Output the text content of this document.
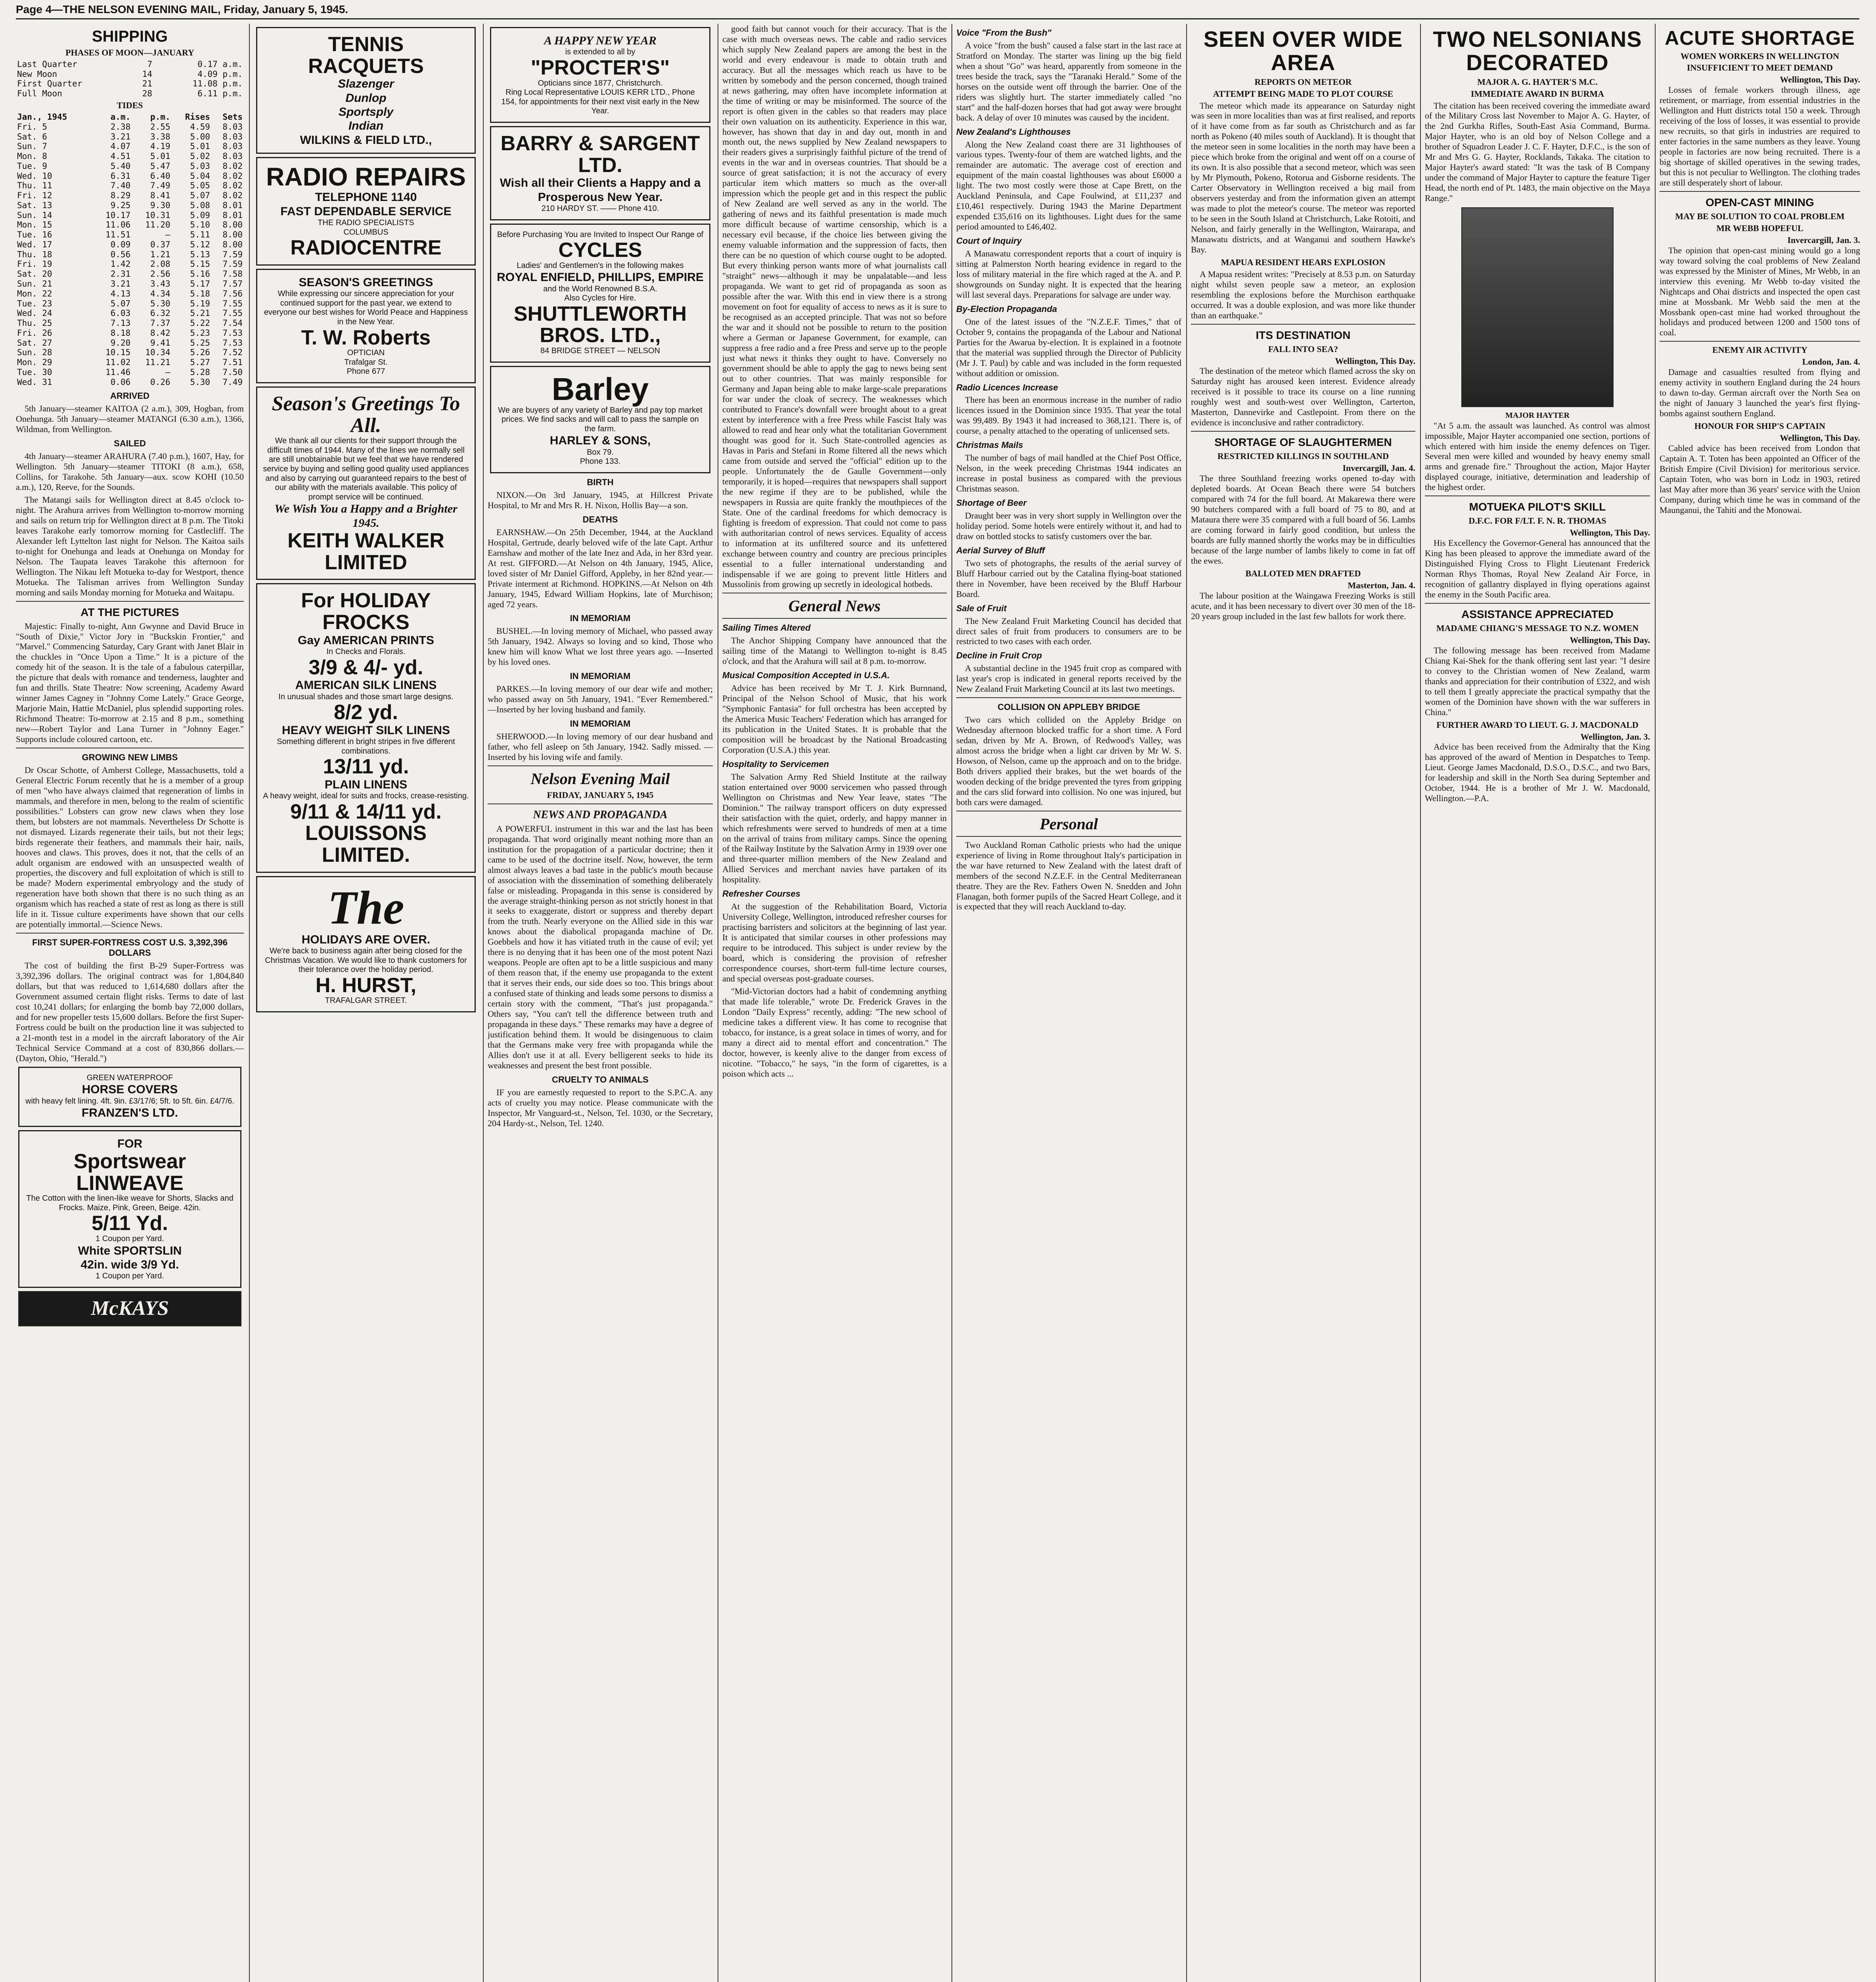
Page 4—THE NELSON EVENING MAIL, Friday, January 5, 1945.
SHIPPING
PHASES OF MOON—JANUARY
Last Quarter	7	0.17 a.m.
New Moon	14	4.09 p.m.
First Quarter	21	11.08 p.m.
Full Moon	28	6.11 p.m.
TIDES
Jan., 1945	a.m.	p.m.	Rises	Sets
Fri. 5	2.38	2.55	4.59	8.03
Sat. 6	3.21	3.38	5.00	8.03
Sun. 7	4.07	4.19	5.01	8.03
Mon. 8	4.51	5.01	5.02	8.03
Tue. 9	5.40	5.47	5.03	8.02
Wed. 10	6.31	6.40	5.04	8.02
Thu. 11	7.40	7.49	5.05	8.02
Fri. 12	8.29	8.41	5.07	8.02
Sat. 13	9.25	9.30	5.08	8.01
Sun. 14	10.17	10.31	5.09	8.01
Mon. 15	11.06	11.20	5.10	8.00
Tue. 16	11.51	—	5.11	8.00
Wed. 17	0.09	0.37	5.12	8.00
Thu. 18	0.56	1.21	5.13	7.59
Fri. 19	1.42	2.08	5.15	7.59
Sat. 20	2.31	2.56	5.16	7.58
Sun. 21	3.21	3.43	5.17	7.57
Mon. 22	4.13	4.34	5.18	7.56
Tue. 23	5.07	5.30	5.19	7.55
Wed. 24	6.03	6.32	5.21	7.55
Thu. 25	7.13	7.37	5.22	7.54
Fri. 26	8.18	8.42	5.23	7.53
Sat. 27	9.20	9.41	5.25	7.53
Sun. 28	10.15	10.34	5.26	7.52
Mon. 29	11.02	11.21	5.27	7.51
Tue. 30	11.46	—	5.28	7.50
Wed. 31	0.06	0.26	5.30	7.49
ARRIVED

5th January—steamer KAITOA (2 a.m.), 309, Hogban, from Onehunga. 5th January—steamer MATANGI (6.30 a.m.), 1366, Wildman, from Wellington.

SAILED

4th January—steamer ARAHURA (7.40 p.m.), 1607, Hay, for Wellington. 5th January—steamer TITOKI (8 a.m.), 658, Collins, for Tarakohe. 5th January—aux. scow KOHI (10.50 a.m.), 120, Reeve, for the Sounds.

The Matangi sails for Wellington direct at 8.45 o'clock to-night. The Arahura arrives from Wellington to-morrow morning and sails on return trip for Wellington direct at 8 p.m. The Titoki leaves Tarakohe early tomorrow morning for Castlecliff. The Alexander left Lyttelton last night for Nelson. The Kaitoa sails to-night for Onehunga and leads at Onehunga on Monday for Nelson. The Taupata leaves Tarakohe this afternoon for Wellington. The Nikau left Motueka to-day for Westport, thence Motueka. The Talisman arrives from Wellington Sunday morning and sails Monday morning for Motueka and Waitapu.

AT THE PICTURES

Majestic: Finally to-night, Ann Gwynne and David Bruce in "South of Dixie," Victor Jory in "Buckskin Frontier," and "Marvel." Commencing Saturday, Cary Grant with Janet Blair in the chuckles in "Once Upon a Time." It is a picture of the comedy hit of the season. It is the tale of a fabulous caterpillar, the picture that deals with romance and tenderness, laughter and fun and thrills. State Theatre: Now screening, Academy Award winner James Cagney in "Johnny Come Lately." Grace George, Marjorie Main, Hattie McDaniel, plus splendid supporting roles. Richmond Theatre: To-morrow at 2.15 and 8 p.m., something new—Robert Taylor and Lana Turner in "Johnny Eager." Supports include coloured cartoon, etc.

GROWING NEW LIMBS

Dr Oscar Schotte, of Amherst College, Massachusetts, told a General Electric Forum recently that he is a member of a group of men "who have always claimed that regeneration of limbs in mammals, and therefore in men, belong to the realm of scientific possibilities." Lobsters can grow new claws when they lose them, but lobsters are not mammals. Nevertheless Dr Schotte is not dismayed. Lizards regenerate their tails, but not their legs; birds regenerate their feathers, and mammals their hair, nails, hooves and claws. This proves, does it not, that the cells of an adult organism are endowed with an unsuspected wealth of properties, the discovery and full exploitation of which is still to be made? Modern experimental embryology and the study of regeneration have both shown that there is no such thing as an organism which has reached a state of rest as long as there is still life in it. Tissue culture experiments have shown that our cells are potentially immortal.—Science News.

FIRST SUPER-FORTRESS COST U.S. 3,392,396 DOLLARS

The cost of building the first B-29 Super-Fortress was 3,392,396 dollars. The original contract was for 1,804,840 dollars, but that was reduced to 1,614,680 dollars after the Government assumed certain flight risks. Terms to date of last cost 10,241 dollars; for enlarging the bomb bay 72,000 dollars, and for new propeller tests 15,600 dollars. Before the first Super-Fortress could be built on the production line it was subjected to a 21-month test in a model in the aircraft laboratory of the Air Technical Service Command at a cost of 830,866 dollars.—(Dayton, Ohio, "Herald.")

GREEN WATERPROOF
HORSE COVERS
with heavy felt lining. 4ft. 9in. £3/17/6; 5ft. to 5ft. 6in. £4/7/6.
FRANZEN'S LTD.
FOR
Sportswear LINWEAVE
The Cotton with the linen-like weave for Shorts, Slacks and Frocks. Maize, Pink, Green, Beige. 42in.
5/11 Yd.
1 Coupon per Yard.
White SPORTSLIN
42in. wide 3/9 Yd.
1 Coupon per Yard.
McKAYS
TENNIS
RACQUETS
Slazenger
Dunlop
Sportsply
Indian
WILKINS & FIELD LTD.,
RADIO REPAIRS
TELEPHONE 1140
FAST DEPENDABLE SERVICE
THE RADIO SPECIALISTS
COLUMBUS
RADIOCENTRE
SEASON'S GREETINGS
While expressing our sincere appreciation for your continued support for the past year, we extend to everyone our best wishes for World Peace and Happiness in the New Year.
T. W. Roberts
OPTICIAN
Trafalgar St.
Phone 677
Season's Greetings To All.
We thank all our clients for their support through the difficult times of 1944. Many of the lines we normally sell are still unobtainable but we feel that we have rendered service by buying and selling good quality used appliances and also by carrying out guaranteed repairs to the best of our ability with the materials available. This policy of prompt service will be continued.
We Wish You a Happy and a Brighter 1945.
KEITH WALKER LIMITED
For HOLIDAY FROCKS
Gay AMERICAN PRINTS
In Checks and Florals.
3/9 & 4/- yd.
AMERICAN SILK LINENS
In unusual shades and those smart large designs.
8/2 yd.
HEAVY WEIGHT SILK LINENS
Something different in bright stripes in five different combinations.
13/11 yd.
PLAIN LINENS
A heavy weight, ideal for suits and frocks, crease-resisting.
9/11 & 14/11 yd.
LOUISSONS LIMITED.
The
HOLIDAYS ARE OVER.
We're back to business again after being closed for the Christmas Vacation. We would like to thank customers for their tolerance over the holiday period.
H. HURST,
TRAFALGAR STREET.
A HAPPY NEW YEAR
is extended to all by
"PROCTER'S"
Opticians since 1877, Christchurch.
Ring Local Representative LOUIS KERR LTD., Phone 154, for appointments for their next visit early in the New Year.
BARRY & SARGENT LTD.
Wish all their Clients a Happy and a Prosperous New Year.
210 HARDY ST. —— Phone 410.
Before Purchasing You are Invited to Inspect Our Range of
CYCLES
Ladies' and Gentlemen's in the following makes
ROYAL ENFIELD, PHILLIPS, EMPIRE
and the World Renowned B.S.A.
Also Cycles for Hire.
SHUTTLEWORTH BROS. LTD.,
84 BRIDGE STREET — NELSON
Barley
We are buyers of any variety of Barley and pay top market prices. We find sacks and will call to pass the sample on the farm.
HARLEY & SONS,
Box 79.
Phone 133.
BIRTH

NIXON.—On 3rd January, 1945, at Hillcrest Private Hospital, to Mr and Mrs R. H. Nixon, Hollis Bay—a son.

DEATHS

EARNSHAW.—On 25th December, 1944, at the Auckland Hospital, Gertrude, dearly beloved wife of the late Capt. Arthur Earnshaw and mother of the late Inez and Ada, in her 83rd year. At rest. GIFFORD.—At Nelson on 4th January, 1945, Alice, loved sister of Mr Daniel Gifford, Appleby, in her 82nd year.—Private interment at Richmond. HOPKINS.—At Nelson on 4th January, 1945, Edward William Hopkins, late of Murchison; aged 72 years.

IN MEMORIAM

BUSHEL.—In loving memory of Michael, who passed away 5th January, 1942. Always so loving and so kind, Those who knew him will know What we lost three years ago. —Inserted by his loved ones.

IN MEMORIAM

PARKES.—In loving memory of our dear wife and mother; who passed away on 5th January, 1941. "Ever Remembered." —Inserted by her loving husband and family.

IN MEMORIAM

SHERWOOD.—In loving memory of our dear husband and father, who fell asleep on 5th January, 1942. Sadly missed. —Inserted by his loving wife and family.

Nelson Evening Mail
FRIDAY, JANUARY 5, 1945
NEWS AND PROPAGANDA

A POWERFUL instrument in this war and the last has been propaganda. That word originally meant nothing more than an institution for the propagation of a particular doctrine; then it came to be used of the doctrine itself. Now, however, the term almost always leaves a bad taste in the public's mouth because of association with the dissemination of something deliberately false or misleading. Propaganda in this sense is considered by the average straight-thinking person as not strictly honest in that it seeks to exaggerate, distort or suppress and thereby depart from the truth. Nearly everyone on the Allied side in this war knows about the diabolical propaganda machine of Dr. Goebbels and how it has vitiated truth in the cause of evil; yet there is no denying that it has been one of the most potent Nazi weapons. People are often apt to be a little suspicious and many of them reason that, if the enemy use propaganda to the extent that it serves their ends, our side does so too. This brings about a confused state of thinking and leads some persons to dismiss a certain story with the comment, "That's just propaganda." Others say, "You can't tell the difference between truth and propaganda in these days." These remarks may have a degree of justification behind them. It would be disingenuous to claim that the Germans make very free with propaganda while the Allies don't use it at all. Every belligerent seeks to hide its weaknesses and present the best front possible.

CRUELTY TO ANIMALS

IF you are earnestly requested to report to the S.P.C.A. any acts of cruelty you may notice. Please communicate with the Inspector, Mr Vanguard-st., Nelson, Tel. 1030, or the Secretary, 204 Hardy-st., Nelson, Tel. 1240.

good faith but cannot vouch for their accuracy. That is the case with much overseas news. The cable and radio services which supply New Zealand papers are among the best in the world and every endeavour is made to obtain truth and accuracy. But all the messages which reach us have to be written by somebody and the person concerned, though trained at news gathering, may often have incomplete information at the time of writing or may be misinformed. The source of the report is often given in the cables so that readers may place their own valuation on its authenticity. Experience in this war, however, has shown that day in and day out, month in and month out, the news supplied by New Zealand newspapers to their readers gives a surprisingly faithful picture of the trend of events in the war and in overseas countries. That should be a source of great satisfaction; it is not the accuracy of every particular item which matters so much as the over-all impression which the people get and in this respect the public of New Zealand are well served as any in the world. The gathering of news and its faithful presentation is made much more difficult because of wartime censorship, which is a necessary evil because, if the choice lies between giving the enemy valuable information and the suppression of facts, then there can be no question of which course ought to be adopted. But every thinking person wants more of what journalists call "straight" news—although it may be unpalatable—and less propaganda. We want to get rid of propaganda as soon as possible after the war. With this end in view there is a strong movement on foot for equality of access to news as it is sure to be recognised as an accepted principle. That was not so before the war and it should not be possible to return to the position where a German or Japanese Government, for example, can suppress a free radio and a free Press and serve up to the people just what news it thinks they ought to have. Conversely no government should be able to apply the gag to news being sent out to other countries. That was mainly responsible for Germany and Japan being able to make large-scale preparations for war under the cloak of secrecy. The weaknesses which contributed to France's downfall were brought about to a great extent by interference with a free Press while Fascist Italy was allowed to read and hear only what the totalitarian Government thought was good for it. Such State-controlled agencies as Havas in Paris and Stefani in Rome filtered all the news which came from outside and served the "official" edition up to the people. Unfortunately the de Gaulle Government—only temporarily, it is hoped—requires that newspapers shall support the new regime if they are to be published, while the newspapers in Russia are quite frankly the mouthpieces of the State. One of the cardinal freedoms for which democracy is fighting is freedom of expression. That could not come to pass with authoritarian control of news services. Equality of access to information at its unfiltered source and its unfettered exchange between country and country are precious principles essential to a fuller international understanding and indispensable if we are going to prevent little Hitlers and Mussolinis from growing up secretly in ideological hotbeds.

General News
Sailing Times Altered

The Anchor Shipping Company have announced that the sailing time of the Matangi to Wellington to-night is 8.45 o'clock, and that the Arahura will sail at 8 p.m. to-morrow.

Musical Composition Accepted in U.S.A.

Advice has been received by Mr T. J. Kirk Burnnand, Principal of the Nelson School of Music, that his work "Symphonic Fantasia" for full orchestra has been accepted by the America Music Teachers' Federation which has arranged for its publication in the United States. It is probable that the composition will be broadcast by the National Broadcasting Corporation (U.S.A.) this year.

Hospitality to Servicemen

The Salvation Army Red Shield Institute at the railway station entertained over 9000 servicemen who passed through Wellington on Christmas and New Year leave, states "The Dominion." The railway transport officers on duty expressed their satisfaction with the quiet, orderly, and happy manner in which refreshments were served to hundreds of men at a time on the arrival of trains from military camps. Since the opening of the Railway Institute by the Salvation Army in 1939 over one and three-quarter million members of the New Zealand and Allied Services and merchant navies have partaken of its hospitality.

Refresher Courses

At the suggestion of the Rehabilitation Board, Victoria University College, Wellington, introduced refresher courses for practising barristers and solicitors at the beginning of last year. It is anticipated that similar courses in other professions may require to be introduced. This subject is under review by the board, which is considering the provision of refresher correspondence courses, short-term full-time lecture courses, and special overseas post-graduate courses.

"Mid-Victorian doctors had a habit of condemning anything that made life tolerable," wrote Dr. Frederick Graves in the London "Daily Express" recently, adding: "The new school of medicine takes a different view. It has come to recognise that tobacco, for instance, is a great solace in times of worry, and for many a direct aid to mental effort and concentration." The doctor, however, is keenly alive to the danger from excess of nicotine. "Tobacco," he says, "in the form of cigarettes, is a poison which acts ...

Voice "From the Bush"

A voice "from the bush" caused a false start in the last race at Stratford on Monday. The starter was lining up the big field when a shout "Go" was heard, apparently from someone in the trees beside the track, says the "Taranaki Herald." Some of the horses on the outside went off through the barrier. One of the riders was slightly hurt. The starter immediately called "no start" and the half-dozen horses that had got away were brought back. A delay of over 10 minutes was caused by the incident.

New Zealand's Lighthouses

Along the New Zealand coast there are 31 lighthouses of various types. Twenty-four of them are watched lights, and the remainder are automatic. The average cost of erection and equipment of the main coastal lighthouses was about £6000 a light. The two most costly were those at Cape Brett, on the Auckland Peninsula, and Cape Foulwind, at £11,237 and £10,461 respectively. During 1943 the Marine Department expended £35,616 on its lighthouses. Light dues for the same period amounted to £46,402.

Court of Inquiry

A Manawatu correspondent reports that a court of inquiry is sitting at Palmerston North hearing evidence in regard to the loss of military material in the fire which raged at the A. and P. showgrounds on Sunday night. It is expected that the hearing will last several days. Preparations for salvage are under way.

By-Election Propaganda

One of the latest issues of the "N.Z.E.F. Times," that of October 9, contains the propaganda of the Labour and National Parties for the Awarua by-election. It is explained in a footnote that the material was supplied through the Director of Publicity (Mr J. T. Paul) by cable and was included in the form requested without addition or omission.

Radio Licences Increase

There has been an enormous increase in the number of radio licences issued in the Dominion since 1935. That year the total was 99,489. By 1943 it had increased to 368,121. There is, of course, a penalty attached to the operating of unlicensed sets.

Christmas Mails

The number of bags of mail handled at the Chief Post Office, Nelson, in the week preceding Christmas 1944 indicates an increase in postal business as compared with the previous Christmas season.

Shortage of Beer

Draught beer was in very short supply in Wellington over the holiday period. Some hotels were entirely without it, and had to draw on bottled stocks to satisfy customers over the bar.

Aerial Survey of Bluff

Two sets of photographs, the results of the aerial survey of Bluff Harbour carried out by the Catalina flying-boat stationed there in November, have been received by the Bluff Harbour Board.

Sale of Fruit

The New Zealand Fruit Marketing Council has decided that direct sales of fruit from producers to consumers are to be restricted to two cases with each order.

Decline in Fruit Crop

A substantial decline in the 1945 fruit crop as compared with last year's crop is indicated in general reports received by the New Zealand Fruit Marketing Council at its last two meetings.

COLLISION ON APPLEBY BRIDGE

Two cars which collided on the Appleby Bridge on Wednesday afternoon blocked traffic for a short time. A Ford sedan, driven by Mr A. Brown, of Redwood's Valley, was almost across the bridge when a light car driven by Mr W. S. Howson, of Nelson, came up the approach and on to the bridge. Both drivers applied their brakes, but the wet boards of the wooden decking of the bridge prevented the tyres from gripping and the cars slid forward into collision. No one was injured, but both cars were damaged.

Personal

Two Auckland Roman Catholic priests who had the unique experience of living in Rome throughout Italy's participation in the war have returned to New Zealand with the latest draft of members of the second N.Z.E.F. in the Central Mediterranean theatre. They are the Rev. Fathers Owen N. Snedden and John Flanagan, both former pupils of the Sacred Heart College, and it is expected that they will reach Auckland to-day.

SEEN OVER WIDE AREA
REPORTS ON METEOR
ATTEMPT BEING MADE TO PLOT COURSE

The meteor which made its appearance on Saturday night was seen in more localities than was at first realised, and reports of it have come from as far south as Christchurch and as far north as Pokeno (40 miles south of Auckland). It is thought that the meteor seen in some localities in the north may have been a piece which broke from the original and went off on a course of its own. It is also possible that a second meteor, which was seen by Mr Plymouth, Pokeno, Rotorua and Gisborne residents. The Carter Observatory in Wellington received a big mail from observers yesterday and from the information given an attempt was made to plot the meteor's course. The meteor was reported to be seen in the South Island at Christchurch, Lake Rotoiti, and Nelson, and fairly generally in the Wellington, Wairarapa, and Manawatu districts, and at Wanganui and southern Hawke's Bay.

MAPUA RESIDENT HEARS EXPLOSION

A Mapua resident writes: "Precisely at 8.53 p.m. on Saturday night whilst seven people saw a meteor, an explosion resembling the explosions before the Murchison earthquake occurred. It was a double explosion, and was more like thunder than an earthquake."

ITS DESTINATION
FALL INTO SEA?
Wellington, This Day.

The destination of the meteor which flamed across the sky on Saturday night has aroused keen interest. Evidence already received is it possible to trace its course on a line running roughly west and south-west over Wellington, Carterton, Masterton, Dannevirke and Castlepoint. From there on the evidence is inconclusive and rather contradictory.

SHORTAGE OF SLAUGHTERMEN
RESTRICTED KILLINGS IN SOUTHLAND
Invercargill, Jan. 4.

The three Southland freezing works opened to-day with depleted boards. At Ocean Beach there were 54 butchers compared with 74 for the full board. At Makarewa there were 90 butchers compared with a full board of 75 to 80, and at Mataura there were 35 compared with a full board of 56. Lambs are coming forward in fairly good condition, but unless the boards are fully manned shortly the works may be in difficulties because of the large number of lambs likely to come in fat off the ewes.

BALLOTED MEN DRAFTED
Masterton, Jan. 4.

The labour position at the Waingawa Freezing Works is still acute, and it has been necessary to divert over 30 men of the 18-20 years group included in the last few ballots for work there.

TWO NELSONIANS DECORATED
MAJOR A. G. HAYTER'S M.C.
IMMEDIATE AWARD IN BURMA

The citation has been received covering the immediate award of the Military Cross last November to Major A. G. Hayter, of the 2nd Gurkha Rifles, South-East Asia Command, Burma. Major Hayter, who is an old boy of Nelson College and a brother of Squadron Leader J. C. F. Hayter, D.F.C., is the son of Mr and Mrs G. G. Hayter, Rocklands, Takaka. The citation to Major Hayter's award stated: "It was the task of B Company under the command of Major Hayter to capture the feature Tiger Head, the north end of Pt. 1483, the main objective on the Maya Range."

MAJOR HAYTER

"At 5 a.m. the assault was launched. As control was almost impossible, Major Hayter accompanied one section, portions of which entered with him inside the enemy defences on Tiger. Several men were killed and wounded by heavy enemy small arms and grenade fire." Throughout the action, Major Hayter displayed courage, initiative, determination and leadership of the highest order.

MOTUEKA PILOT'S SKILL
D.F.C. FOR F/LT. F. N. R. THOMAS
Wellington, This Day.

His Excellency the Governor-General has announced that the King has been pleased to approve the immediate award of the Distinguished Flying Cross to Flight Lieutenant Frederick Norman Rhys Thomas, Royal New Zealand Air Force, in recognition of gallantry displayed in flying operations against the enemy in the South Pacific area.

ASSISTANCE APPRECIATED
MADAME CHIANG'S MESSAGE TO N.Z. WOMEN
Wellington, This Day.

The following message has been received from Madame Chiang Kai-Shek for the thank offering sent last year: "I desire to convey to the Christian women of New Zealand, warm thanks and appreciation for their contribution of £322, and wish to tell them I greatly appreciate the practical sympathy that the women of the Dominion have shown with the war sufferers in China."

FURTHER AWARD TO LIEUT. G. J. MACDONALD
Wellington, Jan. 3.

Advice has been received from the Admiralty that the King has approved of the award of Mention in Despatches to Temp. Lieut. George James Macdonald, D.S.O., D.S.C., and two Bars, for leadership and skill in the North Sea during September and October, 1944. He is a brother of Mr J. W. Macdonald, Wellington.—P.A.

ACUTE SHORTAGE
WOMEN WORKERS IN WELLINGTON
INSUFFICIENT TO MEET DEMAND
Wellington, This Day.

Losses of female workers through illness, age retirement, or marriage, from essential industries in the Wellington and Hutt districts total 150 a week. Through receiving of the loss of losses, it was essential to provide new recruits, so that girls in industries are required to enter factories in the same numbers as they leave. Young people in factories are now being recruited. There is a big shortage of skilled operatives in the sewing trades, but this is not peculiar to Wellington. The clothing trades are still desperately short of labour.

OPEN-CAST MINING
MAY BE SOLUTION TO COAL PROBLEM
MR WEBB HOPEFUL
Invercargill, Jan. 3.

The opinion that open-cast mining would go a long way toward solving the coal problems of New Zealand was expressed by the Minister of Mines, Mr Webb, in an interview this evening. Mr Webb to-day visited the Nightcaps and Ohai districts and inspected the open cast mine at Mossbank. Mr Webb said the men at the Mossbank open-cast mine had worked throughout the holidays and produced between 1200 and 1500 tons of coal.

ENEMY AIR ACTIVITY
London, Jan. 4.

Damage and casualties resulted from flying and enemy activity in southern England during the 24 hours to dawn to-day. German aircraft over the North Sea on the night of January 3 launched the year's first flying-bombs against southern England.

HONOUR FOR SHIP'S CAPTAIN
Wellington, This Day.

Cabled advice has been received from London that Captain A. T. Toten has been appointed an Officer of the British Empire (Civil Division) for meritorious service. Captain Toten, who was born in Lodz in 1903, retired last May after more than 36 years' service with the Union Company, during which time he was in command of the Maunganui, the Tahiti and the Monowai.
